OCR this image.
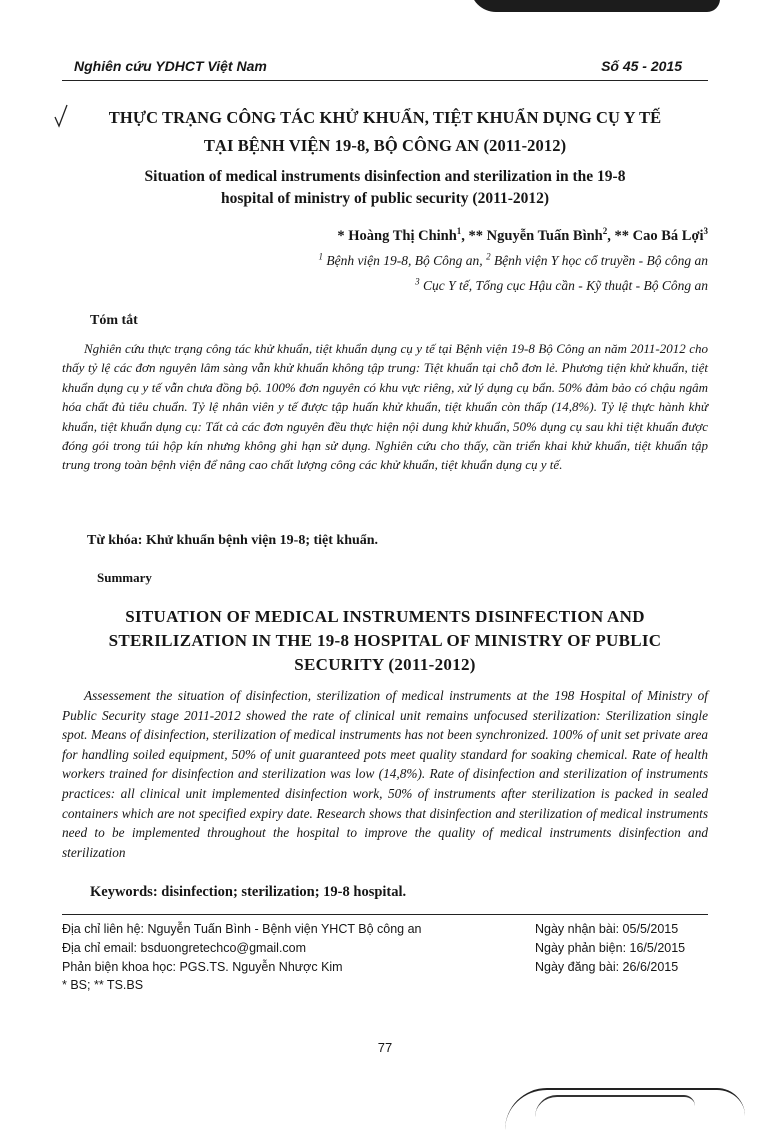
Nghiên cứu YDHCT Việt Nam	Số 45 - 2015
THỰC TRẠNG CÔNG TÁC KHỬ KHUẨN, TIỆT KHUẨN DỤNG CỤ Y TẾ
TẠI BỆNH VIỆN 19-8, BỘ CÔNG AN (2011-2012)
Situation of medical instruments disinfection and sterilization in the 19-8
hospital of ministry of public security (2011-2012)
* Hoàng Thị Chinh$^1$, ** Nguyễn Tuấn Bình$^2$, ** Cao Bá Lợi$^3$
$^1$ Bệnh viện 19-8, Bộ Công an, $^2$ Bệnh viện Y học cổ truyền - Bộ công an
$^3$ Cục Y tế, Tổng cục Hậu cần - Kỹ thuật - Bộ Công an
Tóm tắt
Nghiên cứu thực trạng công tác khử khuẩn, tiệt khuẩn dụng cụ y tế tại Bệnh viện 19-8 Bộ Công an năm 2011-2012 cho thấy tỷ lệ các đơn nguyên lâm sàng vẫn khử khuẩn không tập trung: Tiệt khuẩn tại chỗ đơn lẻ. Phương tiện khử khuẩn, tiệt khuẩn dụng cụ y tế vẫn chưa đồng bộ. 100% đơn nguyên có khu vực riêng, xử lý dụng cụ bẩn. 50% đảm bảo có chậu ngâm hóa chất đủ tiêu chuẩn. Tỷ lệ nhân viên y tế được tập huấn khử khuẩn, tiệt khuẩn còn thấp (14,8%). Tỷ lệ thực hành khử khuẩn, tiệt khuẩn dụng cụ: Tất cả các đơn nguyên đều thực hiện nội dung khử khuẩn, 50% dụng cụ sau khi tiệt khuẩn được đóng gói trong túi hộp kín nhưng không ghi hạn sử dụng. Nghiên cứu cho thấy, cần triển khai khử khuẩn, tiệt khuẩn tập trung trong toàn bệnh viện để nâng cao chất lượng công các khử khuẩn, tiệt khuẩn dụng cụ y tế.
Từ khóa: Khử khuẩn bệnh viện 19-8; tiệt khuẩn.
Summary
SITUATION OF MEDICAL INSTRUMENTS DISINFECTION AND
STERILIZATION IN THE 19-8 HOSPITAL OF MINISTRY OF PUBLIC
SECURITY (2011-2012)
Assessement the situation of disinfection, sterilization of medical instruments at the 198 Hospital of Ministry of Public Security stage 2011-2012 showed the rate of clinical unit remains unfocused sterilization: Sterilization single spot. Means of disinfection, sterilization of medical instruments has not been synchronized. 100% of unit set private area for handling soiled equipment, 50% of unit guaranteed pots meet quality standard for soaking chemical. Rate of health workers trained for disinfection and sterilization was low (14,8%). Rate of disinfection and sterilization of instruments practices: all clinical unit implemented disinfection work, 50% of instruments after sterilization is packed in sealed containers which are not specified expiry date. Research shows that disinfection and sterilization of medical instruments need to be implemented throughout the hospital to improve the quality of medical instruments disinfection and sterilization
Keywords: disinfection; sterilization; 19-8 hospital.
Địa chỉ liên hệ: Nguyễn Tuấn Bình - Bệnh viện YHCT Bộ công an
Địa chỉ email: bsduongretechco@gmail.com
Phản biện khoa học: PGS.TS. Nguyễn Nhược Kim
* BS; ** TS.BS
Ngày nhận bài: 05/5/2015
Ngày phản biện: 16/5/2015
Ngày đăng bài: 26/6/2015
77
